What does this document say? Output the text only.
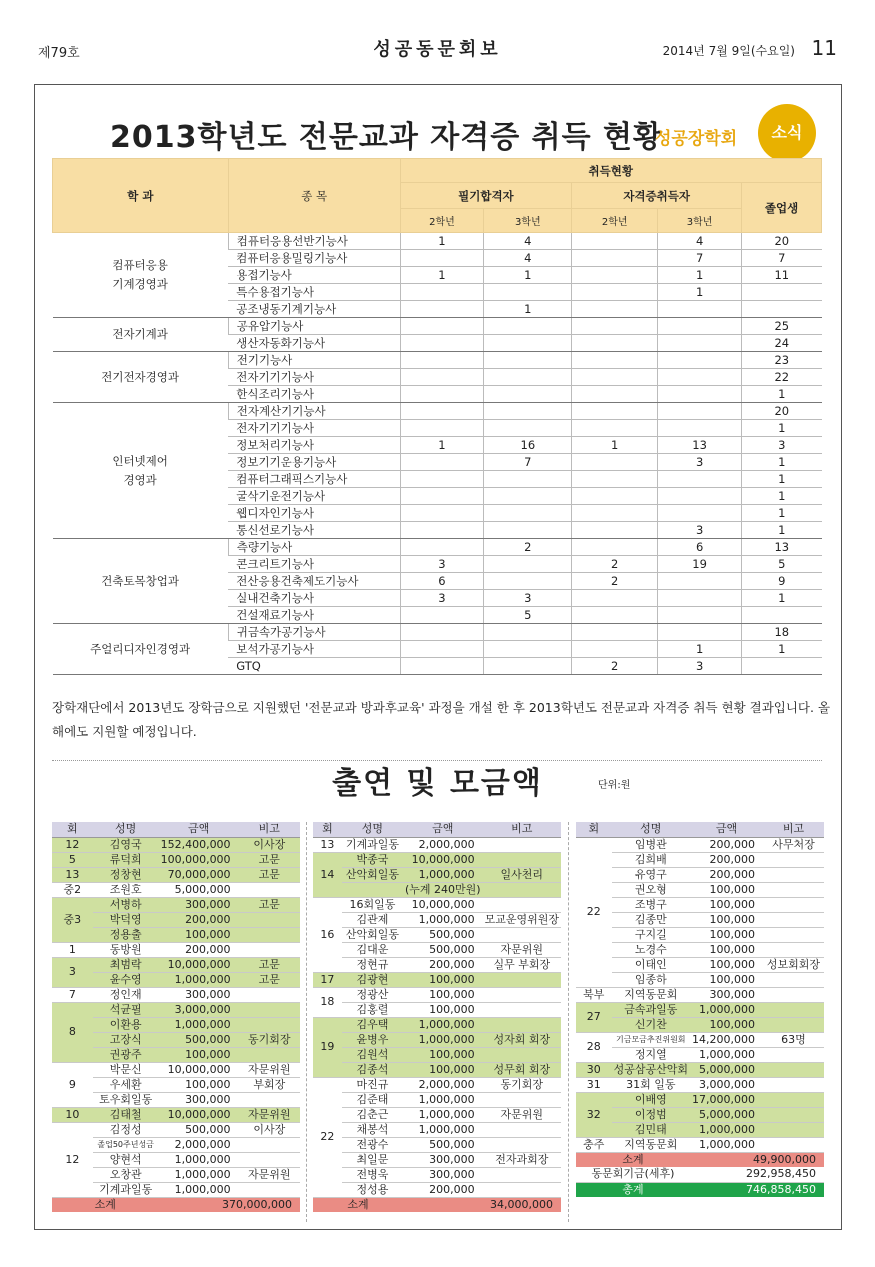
제79호	성공동문회보	2014년 7월 9일(수요일) 11
2013학년도 전문교과 자격증 취득 현황
성공장학회	소식
학 과	종 목	취득현황				
		필기합격자		자격증취득자		졸업생
		2학년	3학년	2학년	3학년	
컴퓨터응용
기계경영과	컴퓨터응용선반기능사	1	4		4	20
	컴퓨터응용밀링기능사		4		7	7
	용접기능사	1	1		1	11
	특수용접기능사				1	
	공조냉동기계기능사		1			
전자기계과	공유압기능사					25
	생산자동화기능사					24
전기전자경영과	전기기능사					23
	전자기기기능사					22
	한식조리기능사					1
인터넷제어
경영과	전자계산기기능사					20
	전자기기기능사					1
	정보처리기능사	1	16	1	13	3
	정보기기운용기능사		7		3	1
	컴퓨터그래픽스기능사					1
	굴삭기운전기능사					1
	웹디자인기능사					1
	통신선로기능사				3	1
건축토목창업과	측량기능사		2		6	13
	콘크리트기능사	3		2	19	5
	전산응용건축제도기능사	6		2		9
	실내건축기능사	3	3			1
	건설재료기능사		5			
주얼리디자인경영과	귀금속가공기능사					18
	보석가공기능사				1	1
	GTQ			2	3	
장학재단에서 2013년도 장학금으로 지원했던 '전문교과 방과후교육' 과정을 개설 한 후 2013학년도 전문교과 자격증 취득 현황 결과입니다. 올해에도 지원할 예정입니다.
출연 및 모금액	단위:원
회	성명	금액	비고
12	김영국	152,400,000	이사장
5	류덕희	100,000,000	고문
13	정창현	70,000,000	고문
중2	조원호	5,000,000	
중3	서병하	300,000	고문
	박덕영	200,000	
	정용출	100,000	
1	동방원	200,000	
3	최범락	10,000,000	고문
	윤수영	1,000,000	고문
7	정인재	300,000	
8	석균필	3,000,000	
	이환용	1,000,000	
	고장식	500,000	동기회장
	권광주	100,000	
9	박문신	10,000,000	자문위원
	우세환	100,000	부회장
	토우회일동	300,000	
10	김태철	10,000,000	자문위원
12	김정성	500,000	이사장
	졸업50주년성금	2,000,000	
	양현석	1,000,000	
	오창관	1,000,000	자문위원
	기계과일동	1,000,000	
소계		370,000,000	
회	성명	금액	비고
13	기계과일동	2,000,000	
14	박종국	10,000,000	
	산악회일동	1,000,000	일사천리
		(누계 240만원)	
16	16회일동	10,000,000	
	김관제	1,000,000	모교운영위원장
	산악회일동	500,000	
	김대운	500,000	자문위원
	정현규	200,000	실무 부회장
17	김광현	100,000	
18	정광산	100,000	
	김홍렬	100,000	
19	김우택	1,000,000	
	윤병우	1,000,000	성자회 회장
	김원석	100,000	
	김종석	100,000	성무회 회장
22	마진규	2,000,000	동기회장
	김준태	1,000,000	
	김춘근	1,000,000	자문위원
	채봉석	1,000,000	
	전광수	500,000	
	최일문	300,000	전자과회장
	전병욱	300,000	
	정성용	200,000	
소계		34,000,000	
회	성명	금액	비고
22	임병관	200,000	사무처장
	김희배	200,000	
	유영구	200,000	
	권오형	100,000	
	조병구	100,000	
	김종만	100,000	
	구지길	100,000	
	노경수	100,000	
	이태인	100,000	성보회회장
	임종하	100,000	
북부	지역동문회	300,000	
27	금속과일동	1,000,000	
	신기찬	100,000	
28	기금모금추진위원회	14,200,000	63명
	정지열	1,000,000	
30	성공삼공산악회	5,000,000	
31	31회 일동	3,000,000	
32	이배영	17,000,000	
	이정범	5,000,000	
	김민태	1,000,000	
충주	지역동문회	1,000,000	
소계		49,900,000	
동문회기금(세후)		292,958,450	
총계		746,858,450	
